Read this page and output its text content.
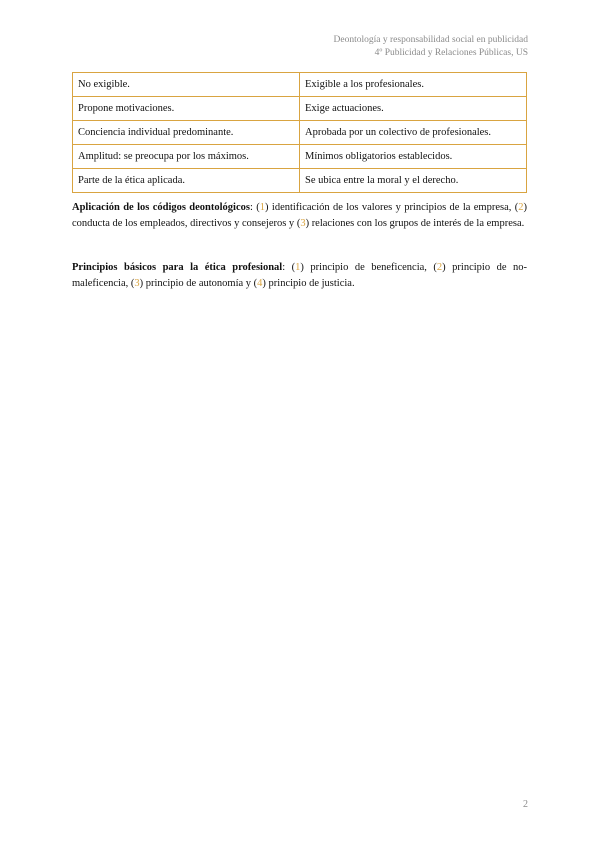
Deontología y responsabilidad social en publicidad
4º Publicidad y Relaciones Públicas, US
No exigible.	Exigible a los profesionales.
Propone motivaciones.	Exige actuaciones.
Conciencia individual predominante.	Aprobada por un colectivo de profesionales.
Amplitud: se preocupa por los máximos.	Mínimos obligatorios establecidos.
Parte de la ética aplicada.	Se ubica entre la moral y el derecho.

Aplicación de los códigos deontológicos: (1) identificación de los valores y principios de la empresa, (2) conducta de los empleados, directivos y consejeros y (3) relaciones con los grupos de interés de la empresa.

Principios básicos para la ética profesional: (1) principio de beneficencia, (2) principio de no-maleficencia, (3) principio de autonomía y (4) principio de justicia.

2
